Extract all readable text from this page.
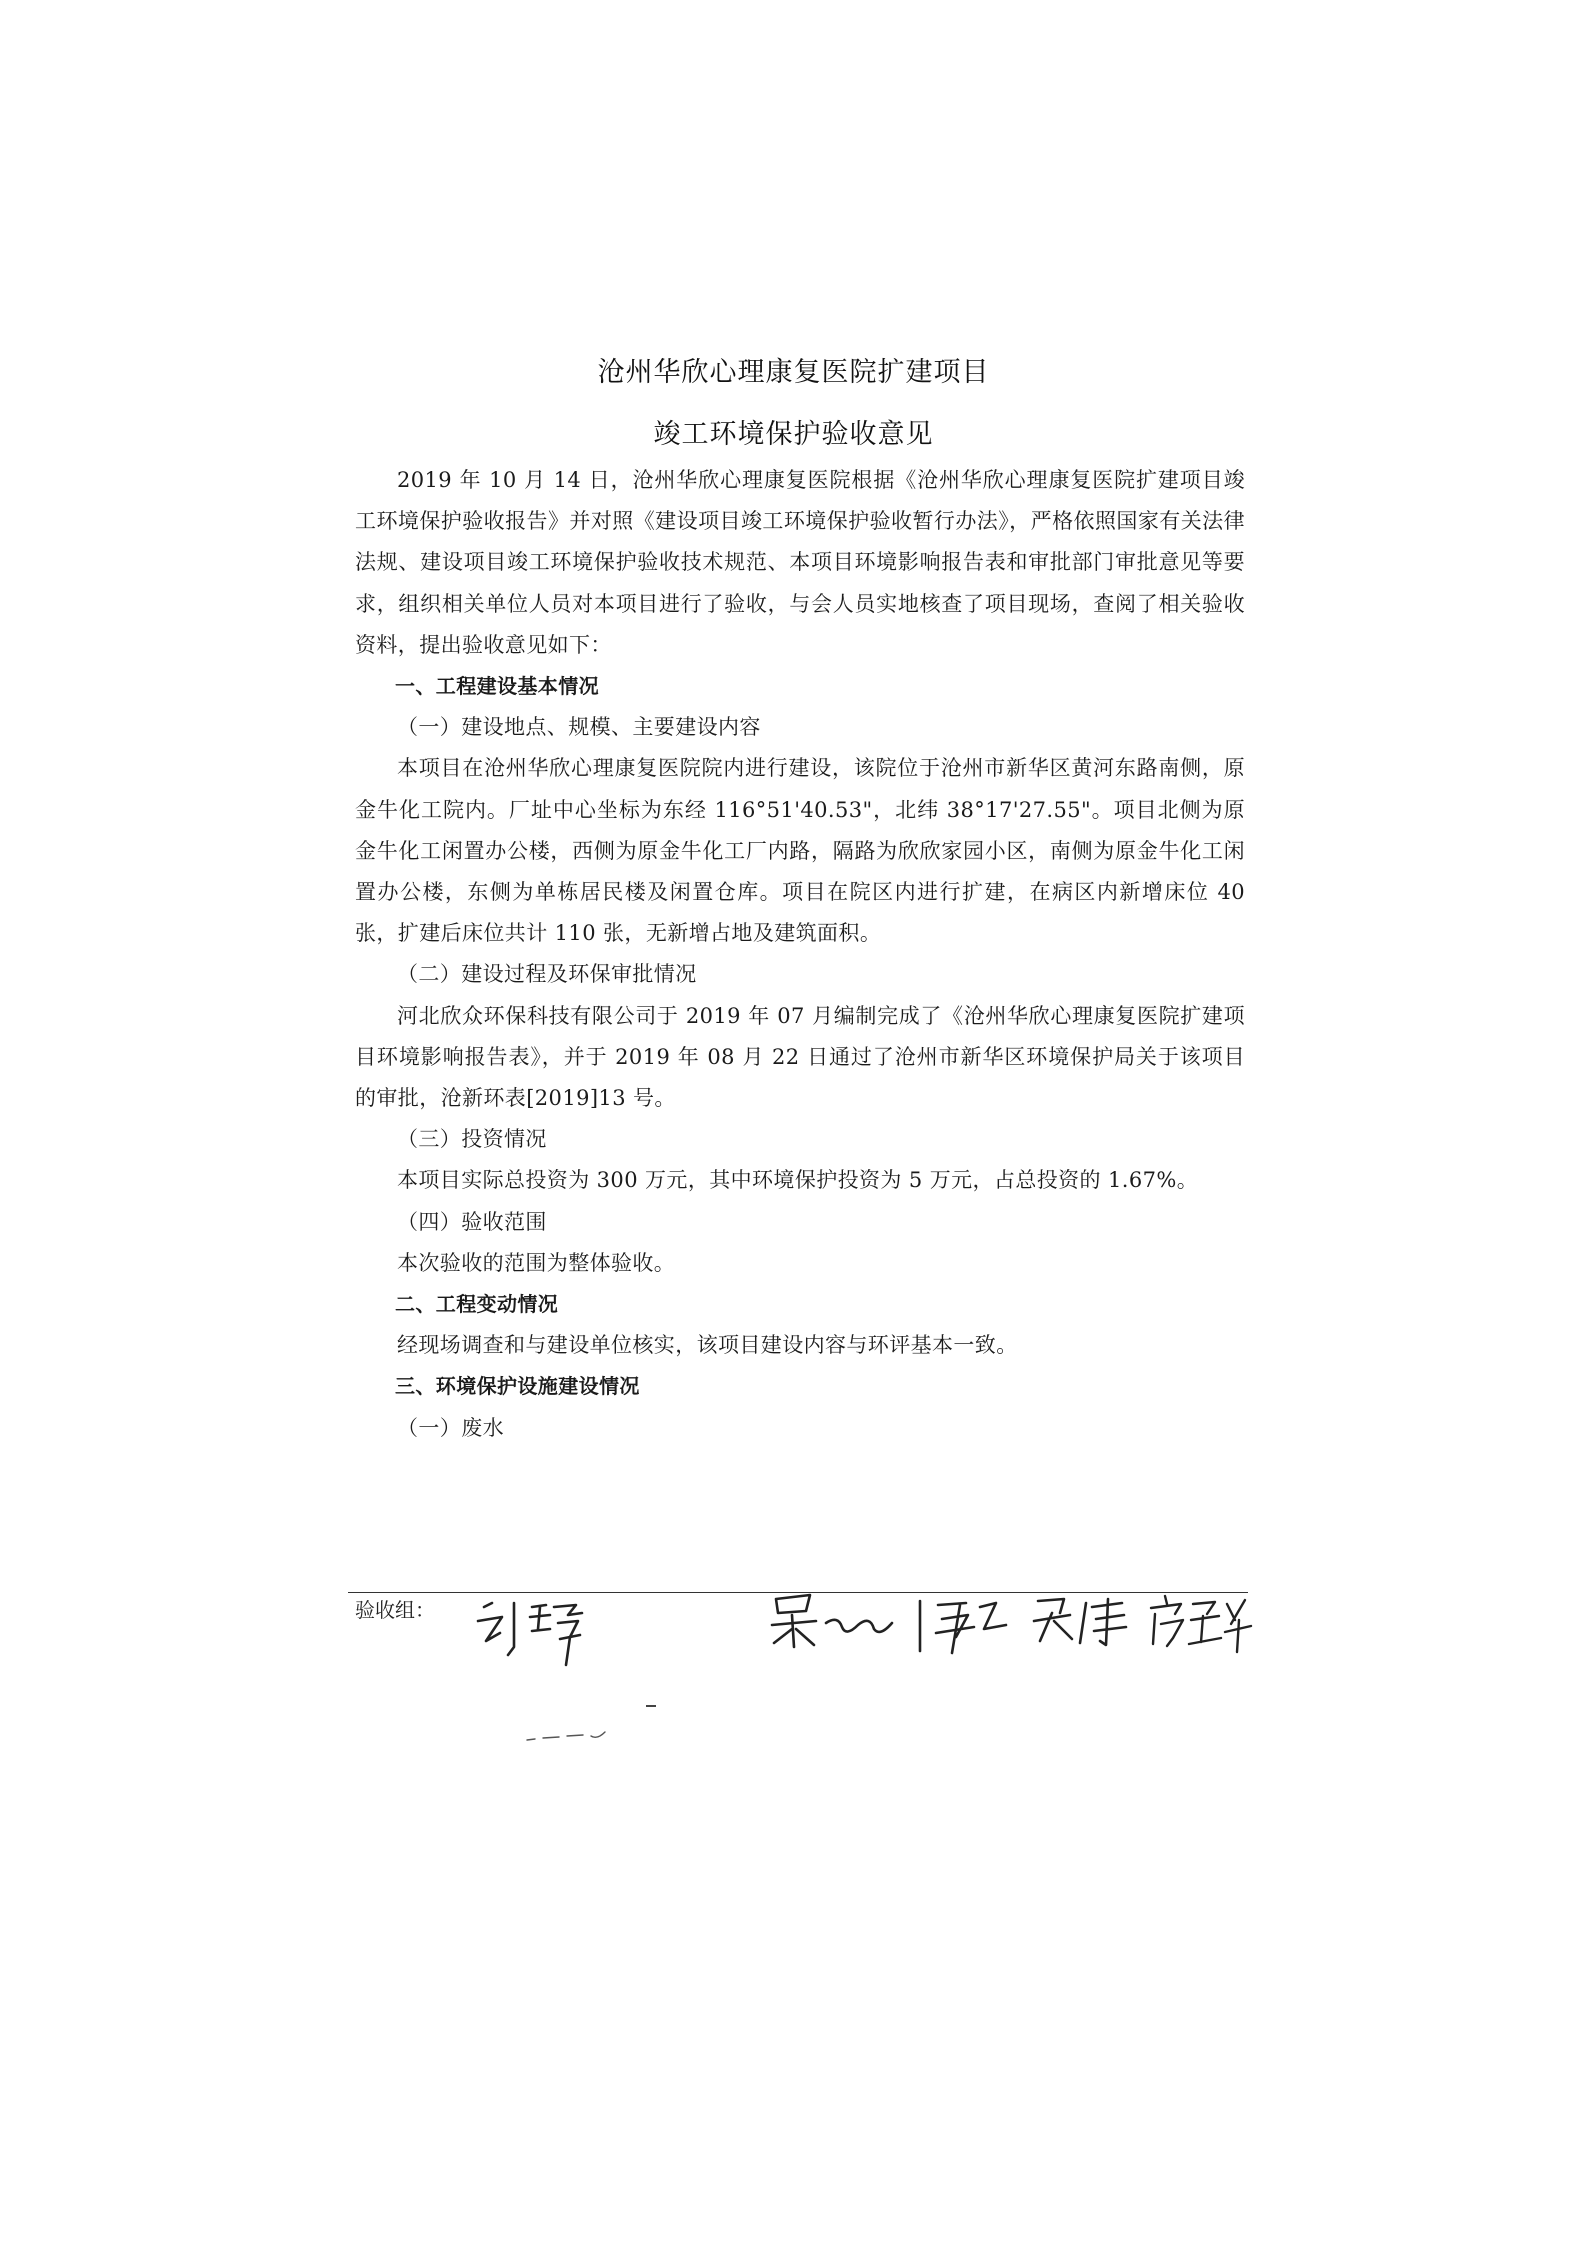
沧州华欣心理康复医院扩建项目
竣工环境保护验收意见

2019 年 10 月 14 日，沧州华欣心理康复医院根据《沧州华欣心理康复医院扩建项目竣工环境保护验收报告》并对照《建设项目竣工环境保护验收暂行办法》，严格依照国家有关法律法规、建设项目竣工环境保护验收技术规范、本项目环境影响报告表和审批部门审批意见等要求，组织相关单位人员对本项目进行了验收，与会人员实地核查了项目现场，查阅了相关验收资料，提出验收意见如下：

一、工程建设基本情况

（一）建设地点、规模、主要建设内容

本项目在沧州华欣心理康复医院院内进行建设，该院位于沧州市新华区黄河东路南侧，原金牛化工院内。厂址中心坐标为东经 116°51'40.53"，北纬 38°17'27.55"。项目北侧为原金牛化工闲置办公楼，西侧为原金牛化工厂内路，隔路为欣欣家园小区，南侧为原金牛化工闲置办公楼，东侧为单栋居民楼及闲置仓库。项目在院区内进行扩建，在病区内新增床位 40 张，扩建后床位共计 110 张，无新增占地及建筑面积。

（二）建设过程及环保审批情况

河北欣众环保科技有限公司于 2019 年 07 月编制完成了《沧州华欣心理康复医院扩建项目环境影响报告表》，并于 2019 年 08 月 22 日通过了沧州市新华区环境保护局关于该项目的审批，沧新环表[2019]13 号。

（三）投资情况

本项目实际总投资为 300 万元，其中环境保护投资为 5 万元，占总投资的 1.67%。

（四）验收范围

本次验收的范围为整体验收。

二、工程变动情况

经现场调查和与建设单位核实，该项目建设内容与环评基本一致。

三、环境保护设施建设情况

（一）废水

验收组：
